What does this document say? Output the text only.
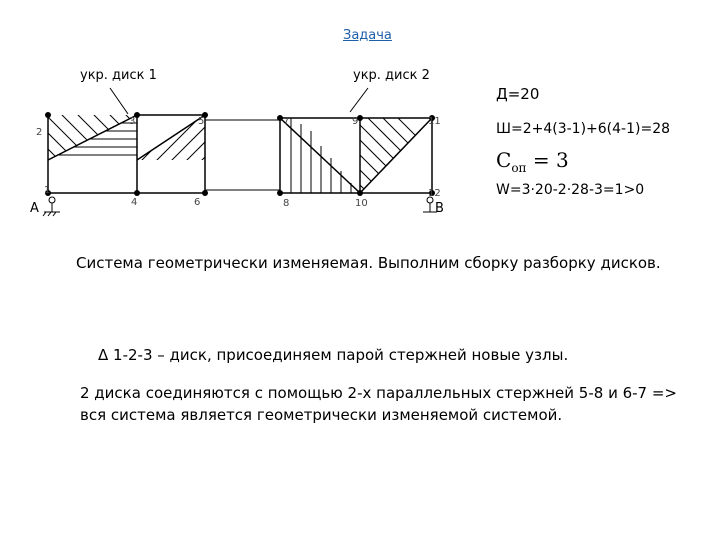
Задача
укр. диск 1	укр. диск 2
1
2
3
4
5
6
7
8
9
10
11
12
A	B
Д=20
Ш=2+4(3-1)+6(4-1)=28
$С_{оп} = 3$
W=3·20-2·28-3=1>0
Система геометрически изменяемая. Выполним сборку разборку дисков.
Δ 1-2-3 – диск, присоединяем парой стержней новые узлы.
2 диска соединяются с помощью 2-х параллельных стержней 5-8 и 6-7 =>
вся система является геометрически изменяемой системой.
